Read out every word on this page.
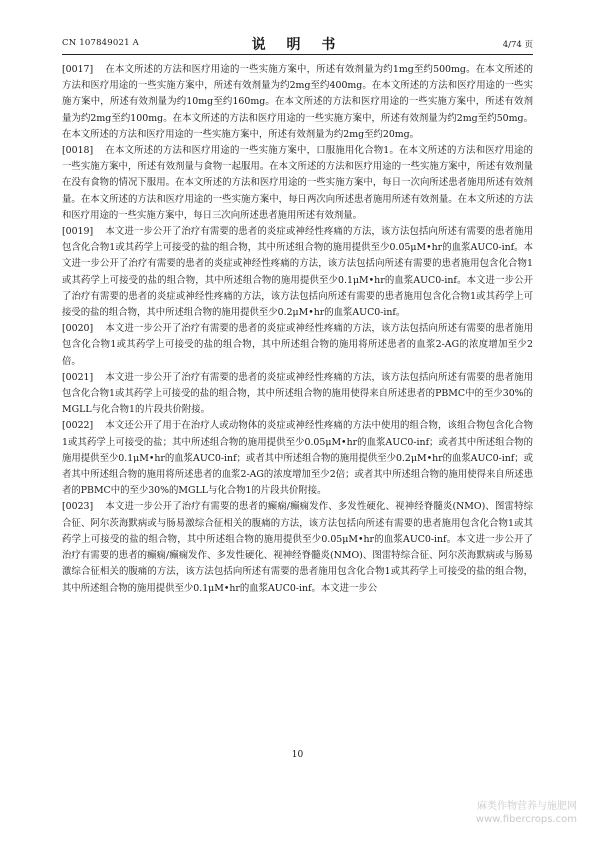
CN 107849021 A	说 明 书	4/74 页

[0017] 在本文所述的方法和医疗用途的一些实施方案中，所述有效剂量为约1mg至约500mg。在本文所述的方法和医疗用途的一些实施方案中，所述有效剂量为约2mg至约400mg。在本文所述的方法和医疗用途的一些实施方案中，所述有效剂量为约10mg至约160mg。在本文所述的方法和医疗用途的一些实施方案中，所述有效剂量为约2mg至约100mg。在本文所述的方法和医疗用途的一些实施方案中，所述有效剂量为约2mg至约50mg。在本文所述的方法和医疗用途的一些实施方案中，所述有效剂量为约2mg至约20mg。

[0018] 在本文所述的方法和医疗用途的一些实施方案中，口服施用化合物1。在本文所述的方法和医疗用途的一些实施方案中，所述有效剂量与食物一起服用。在本文所述的方法和医疗用途的一些实施方案中，所述有效剂量在没有食物的情况下服用。在本文所述的方法和医疗用途的一些实施方案中，每日一次向所述患者施用所述有效剂量。在本文所述的方法和医疗用途的一些实施方案中，每日两次向所述患者施用所述有效剂量。在本文所述的方法和医疗用途的一些实施方案中，每日三次向所述患者施用所述有效剂量。

[0019] 本文进一步公开了治疗有需要的患者的炎症或神经性疼痛的方法，该方法包括向所述有需要的患者施用包含化合物1或其药学上可接受的盐的组合物，其中所述组合物的施用提供至少0.05μM•hr的血浆AUC0-inf。本文进一步公开了治疗有需要的患者的炎症或神经性疼痛的方法，该方法包括向所述有需要的患者施用包含化合物1或其药学上可接受的盐的组合物，其中所述组合物的施用提供至少0.1μM•hr的血浆AUC0-inf。本文进一步公开了治疗有需要的患者的炎症或神经性疼痛的方法，该方法包括向所述有需要的患者施用包含化合物1或其药学上可接受的盐的组合物，其中所述组合物的施用提供至少0.2μM•hr的血浆AUC0-inf。

[0020] 本文进一步公开了治疗有需要的患者的炎症或神经性疼痛的方法，该方法包括向所述有需要的患者施用包含化合物1或其药学上可接受的盐的组合物，其中所述组合物的施用将所述患者的血浆2-AG的浓度增加至少2倍。

[0021] 本文进一步公开了治疗有需要的患者的炎症或神经性疼痛的方法，该方法包括向所述有需要的患者施用包含化合物1或其药学上可接受的盐的组合物，其中所述组合物的施用使得来自所述患者的PBMC中的至少30%的MGLL与化合物1的片段共价附接。

[0022] 本文还公开了用于在治疗人或动物体的炎症或神经性疼痛的方法中使用的组合物，该组合物包含化合物1或其药学上可接受的盐；其中所述组合物的施用提供至少0.05μM•hr的血浆AUC0-inf；或者其中所述组合物的施用提供至少0.1μM•hr的血浆AUC0-inf；或者其中所述组合物的施用提供至少0.2μM•hr的血浆AUC0-inf；或者其中所述组合物的施用将所述患者的血浆2-AG的浓度增加至少2倍；或者其中所述组合物的施用使得来自所述患者的PBMC中的至少30%的MGLL与化合物1的片段共价附接。

[0023] 本文进一步公开了治疗有需要的患者的癫痫/癫痫发作、多发性硬化、视神经脊髓炎(NMO)、图雷特综合征、阿尔茨海默病或与肠易激综合征相关的腹痛的方法，该方法包括向所述有需要的患者施用包含化合物1或其药学上可接受的盐的组合物，其中所述组合物的施用提供至少0.05μM•hr的血浆AUC0-inf。本文进一步公开了治疗有需要的患者的癫痫/癫痫发作、多发性硬化、视神经脊髓炎(NMO)、图雷特综合征、阿尔茨海默病或与肠易激综合征相关的腹痛的方法，该方法包括向所述有需要的患者施用包含化合物1或其药学上可接受的盐的组合物，其中所述组合物的施用提供至少0.1μM•hr的血浆AUC0-inf。本文进一步公

10
麻类作物营养与施肥网
www.fibercrops.com
